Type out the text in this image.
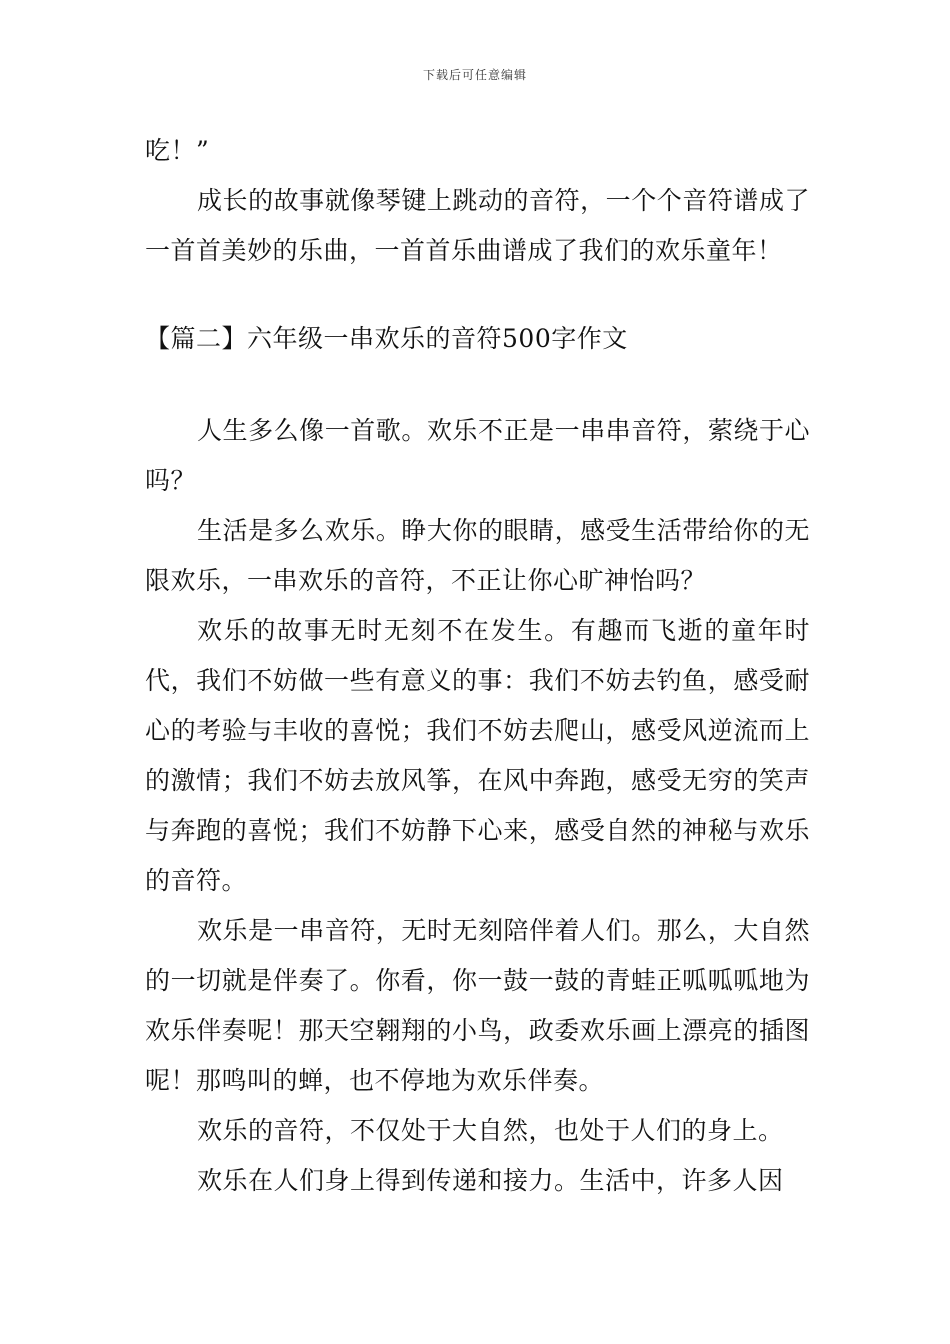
下载后可任意编辑

吃！”

成长的故事就像琴键上跳动的音符，一个个音符谱成了一首首美妙的乐曲，一首首乐曲谱成了我们的欢乐童年！

【篇二】六年级一串欢乐的音符500字作文

人生多么像一首歌。欢乐不正是一串串音符，萦绕于心吗？

生活是多么欢乐。睁大你的眼睛，感受生活带给你的无限欢乐，一串欢乐的音符，不正让你心旷神怡吗？

欢乐的故事无时无刻不在发生。有趣而飞逝的童年时代，我们不妨做一些有意义的事：我们不妨去钓鱼，感受耐心的考验与丰收的喜悦；我们不妨去爬山，感受风逆流而上的激情；我们不妨去放风筝，在风中奔跑，感受无穷的笑声与奔跑的喜悦；我们不妨静下心来，感受自然的神秘与欢乐的音符。

欢乐是一串音符，无时无刻陪伴着人们。那么，大自然的一切就是伴奏了。你看，你一鼓一鼓的青蛙正呱呱呱地为欢乐伴奏呢！那天空翱翔的小鸟，政委欢乐画上漂亮的插图呢！那鸣叫的蝉，也不停地为欢乐伴奏。

欢乐的音符，不仅处于大自然，也处于人们的身上。

欢乐在人们身上得到传递和接力。生活中，许多人因
